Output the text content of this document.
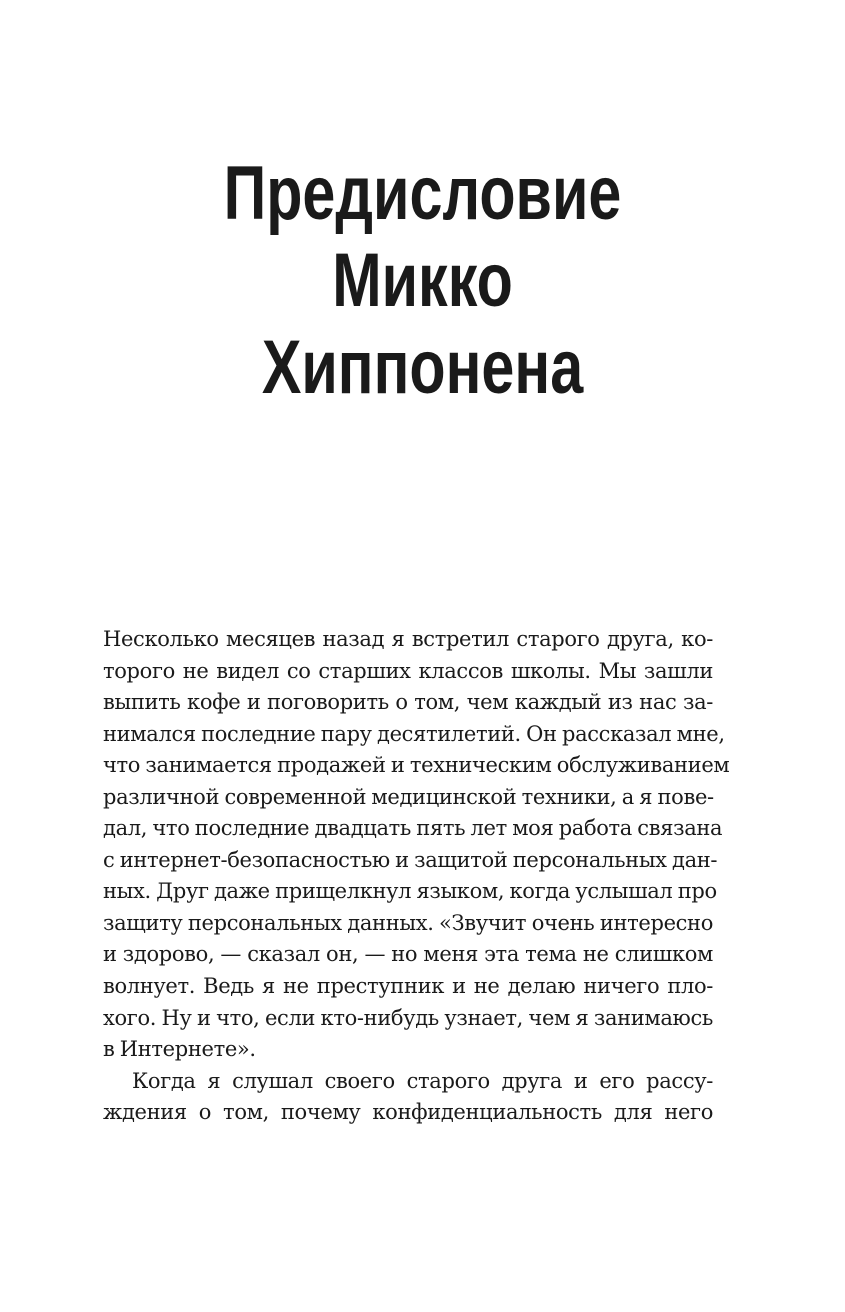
Предисловие
Микко
Хиппонена
Несколько месяцев назад я встретил старого друга, ко-
торого не видел со старших классов школы. Мы зашли
выпить кофе и поговорить о том, чем каждый из нас за-
нимался последние пару десятилетий. Он рассказал мне,
что занимается продажей и техническим обслуживанием
различной современной медицинской техники, а я пове-
дал, что последние двадцать пять лет моя работа связана
с интернет-безопасностью и защитой персональных дан-
ных. Друг даже прищелкнул языком, когда услышал про
защиту персональных данных. «Звучит очень интересно
и здорово, — сказал он, — но меня эта тема не слишком
волнует. Ведь я не преступник и не делаю ничего пло-
хого. Ну и что, если кто-нибудь узнает, чем я занимаюсь
в Интернете».
Когда я слушал своего старого друга и его рассу-
ждения о том, почему конфиденциальность для него
